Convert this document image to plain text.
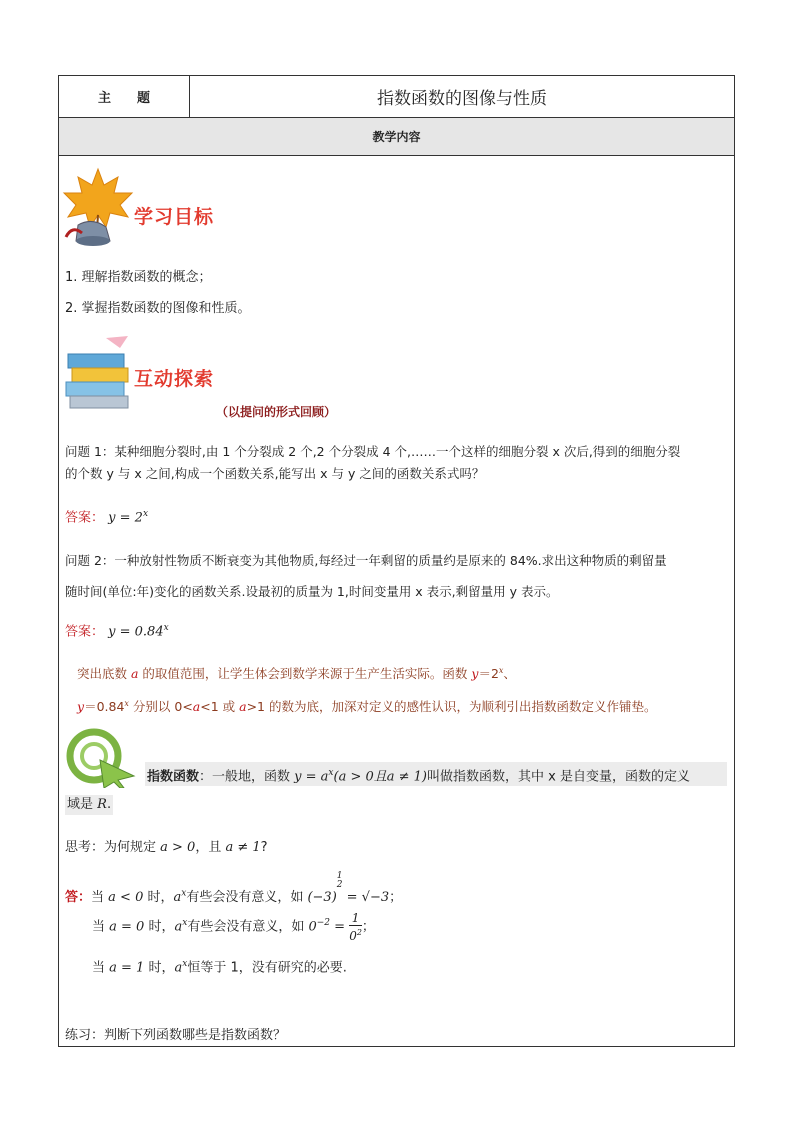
主　　题	指数函数的图像与性质
教学内容
学习目标
1. 理解指数函数的概念；
2. 掌握指数函数的图像和性质。
互动探索
（以提问的形式回顾）
问题 1：某种细胞分裂时,由 1 个分裂成 2 个,2 个分裂成 4 个,……一个这样的细胞分裂 x 次后,得到的细胞分裂
的个数 y 与 x 之间,构成一个函数关系,能写出 x 与 y 之间的函数关系式吗？
答案： $y = 2^x$
问题 2：一种放射性物质不断衰变为其他物质,每经过一年剩留的质量约是原来的 84%.求出这种物质的剩留量
随时间(单位:年)变化的函数关系.设最初的质量为 1,时间变量用 x 表示,剩留量用 y 表示。
答案： $y = 0.84^x$
突出底数 a 的取值范围，让学生体会到数学来源于生产生活实际。函数 $y=2^x$、
$y=0.84^x$ 分别以 0<a<1 或 a>1 的数为底，加深对定义的感性认识，为顺利引出指数函数定义作铺垫。
指数函数：一般地，函数 $y = a^x(a > 0$且a ≠ 1)叫做指数函数，其中 x 是自变量，函数的定义
域是 R.
思考：为何规定 a > 0，且 a ≠ 1?
答：当 a < 0 时，$a^x$有些会没有意义，如 (−3)1
2 = √−3；
当 a = 0 时，$a^x$有些会没有意义，如 $0^{-2} = \frac{1}{0^2}$ ；
当 a = 1 时，$a^x$恒等于 1，没有研究的必要.
练习：判断下列函数哪些是指数函数？
